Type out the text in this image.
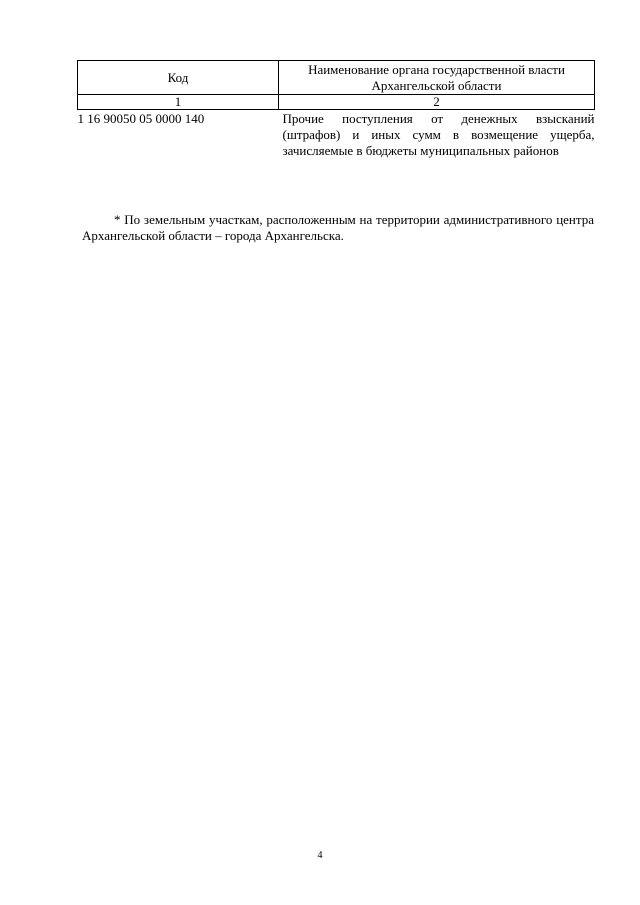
Код	Наименование органа государственной власти Архангельской области
1	2
1 16 90050 05 0000 140	Прочие поступления от денежных взысканий (штрафов) и иных сумм в возмещение ущерба, зачисляемые в бюджеты муниципальных районов

* По земельным участкам, расположенным на территории административного центра Архангельской области – города Архангельска.

4
